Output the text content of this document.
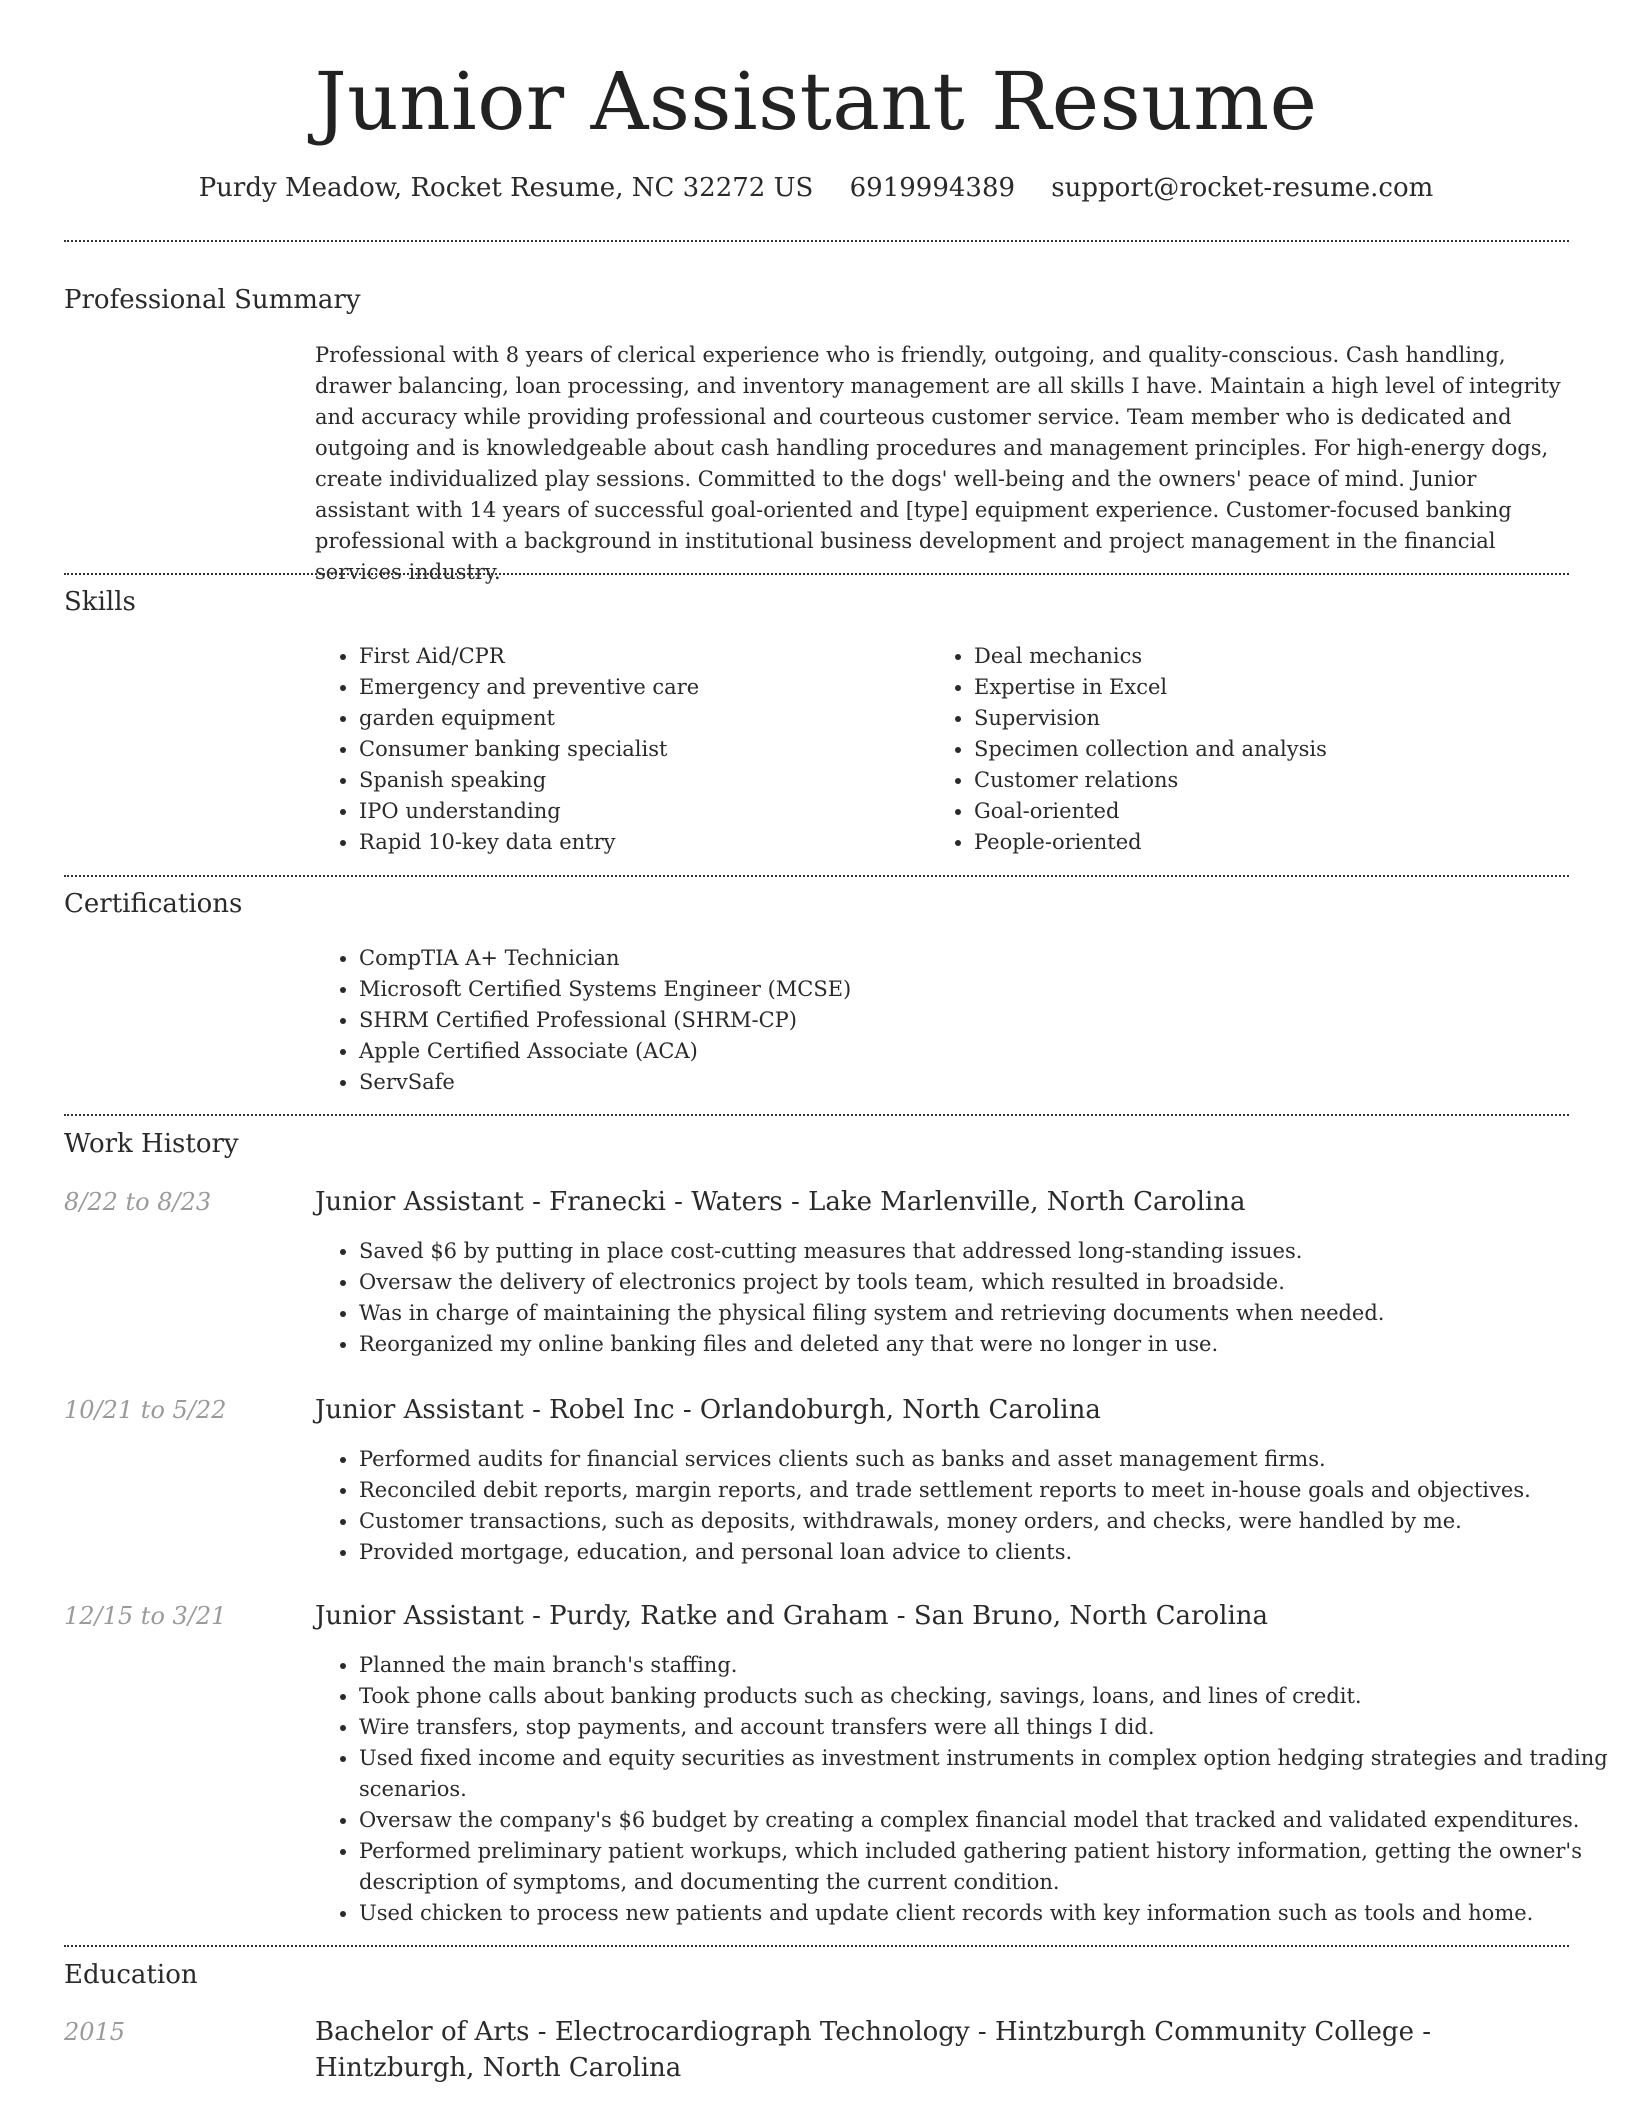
Junior Assistant Resume
Purdy Meadow, Rocket Resume, NC 32272 US 6919994389 support@rocket-resume.com
Professional Summary
Professional with 8 years of clerical experience who is friendly, outgoing, and quality-conscious. Cash handling, drawer balancing, loan processing, and inventory management are all skills I have. Maintain a high level of integrity and accuracy while providing professional and courteous customer service. Team member who is dedicated and outgoing and is knowledgeable about cash handling procedures and management principles. For high-energy dogs, create individualized play sessions. Committed to the dogs' well-being and the owners' peace of mind. Junior assistant with 14 years of successful goal-oriented and [type] equipment experience. Customer-focused banking professional with a background in institutional business development and project management in the financial services industry.
Skills
• First Aid/CPR
• Emergency and preventive care
• garden equipment
• Consumer banking specialist
• Spanish speaking
• IPO understanding
• Rapid 10-key data entry
• Deal mechanics
• Expertise in Excel
• Supervision
• Specimen collection and analysis
• Customer relations
• Goal-oriented
• People-oriented
Certifications
• CompTIA A+ Technician
• Microsoft Certified Systems Engineer (MCSE)
• SHRM Certified Professional (SHRM-CP)
• Apple Certified Associate (ACA)
• ServSafe
Work History
8/22 to 8/23	Junior Assistant - Franecki - Waters - Lake Marlenville, North Carolina
• Saved $6 by putting in place cost-cutting measures that addressed long-standing issues.
• Oversaw the delivery of electronics project by tools team, which resulted in broadside.
• Was in charge of maintaining the physical filing system and retrieving documents when needed.
• Reorganized my online banking files and deleted any that were no longer in use.
10/21 to 5/22	Junior Assistant - Robel Inc - Orlandoburgh, North Carolina
• Performed audits for financial services clients such as banks and asset management firms.
• Reconciled debit reports, margin reports, and trade settlement reports to meet in-house goals and objectives.
• Customer transactions, such as deposits, withdrawals, money orders, and checks, were handled by me.
• Provided mortgage, education, and personal loan advice to clients.
12/15 to 3/21	Junior Assistant - Purdy, Ratke and Graham - San Bruno, North Carolina
• Planned the main branch's staffing.
• Took phone calls about banking products such as checking, savings, loans, and lines of credit.
• Wire transfers, stop payments, and account transfers were all things I did.
• Used fixed income and equity securities as investment instruments in complex option hedging strategies and trading scenarios.
• Oversaw the company's $6 budget by creating a complex financial model that tracked and validated expenditures.
• Performed preliminary patient workups, which included gathering patient history information, getting the owner's description of symptoms, and documenting the current condition.
• Used chicken to process new patients and update client records with key information such as tools and home.
Education
2015	Bachelor of Arts - Electrocardiograph Technology - Hintzburgh Community College - Hintzburgh, North Carolina
